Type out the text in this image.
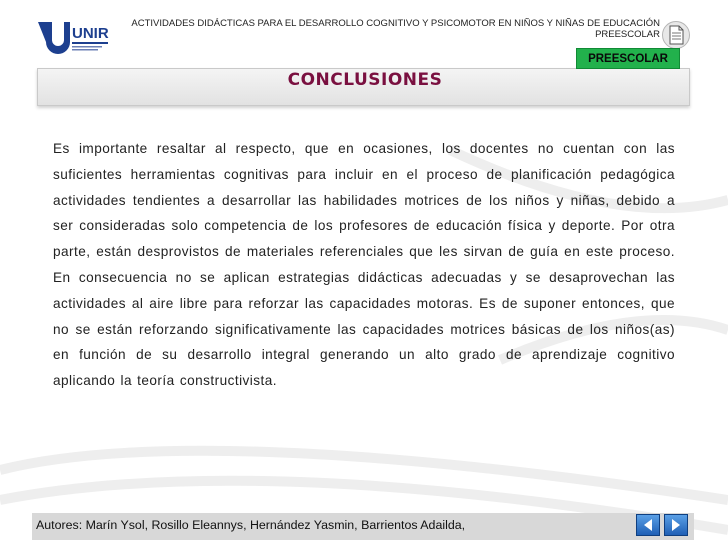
UNIR
ACTIVIDADES DIDÁCTICAS PARA EL DESARROLLO COGNITIVO Y PSICOMOTOR EN NIÑOS Y NIÑAS DE EDUCACIÓN PREESCOLAR
PREESCOLAR
CONCLUSIONES
Es importante resaltar al respecto, que en ocasiones, los docentes no cuentan con las suficientes herramientas cognitivas para incluir en el proceso de planificación pedagógica actividades tendientes a desarrollar las habilidades motrices de los niños y niñas, debido a ser consideradas solo competencia de los profesores de educación física y deporte. Por otra parte, están desprovistos de materiales referenciales que les sirvan de guía en este proceso. En consecuencia no se aplican estrategias didácticas adecuadas y se desaprovechan las actividades al aire libre para reforzar las capacidades motoras. Es de suponer entonces, que no se están reforzando significativamente las capacidades motrices básicas de los niños(as) en función de su desarrollo integral generando un alto grado de aprendizaje cognitivo aplicando la teoría constructivista.
Autores: Marín Ysol, Rosillo Eleannys, Hernández Yasmin, Barrientos Adailda,
